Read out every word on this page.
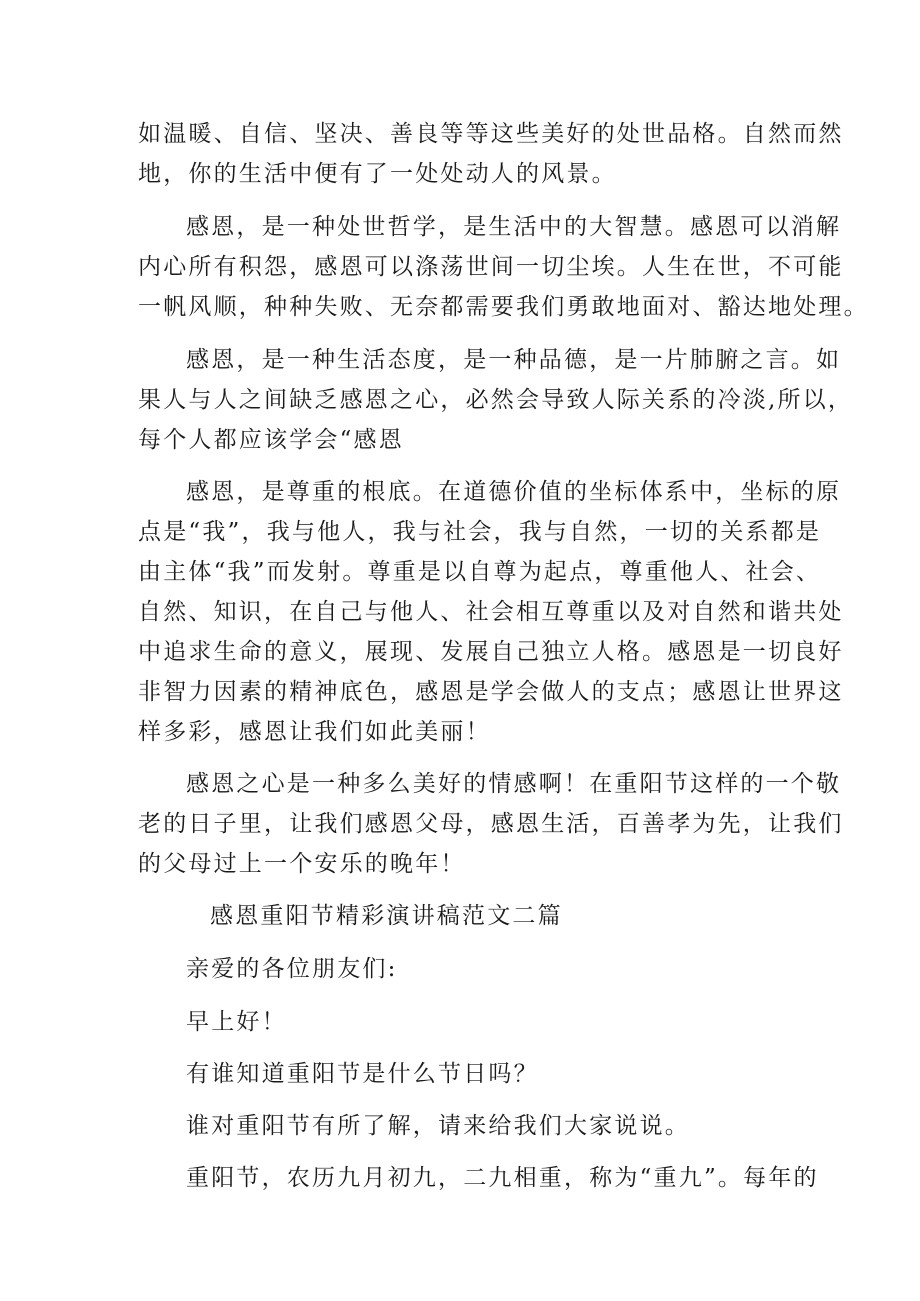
如温暖、自信、坚决、善良等等这些美好的处世品格。自然而然

地，你的生活中便有了一处处动人的风景。

感恩，是一种处世哲学，是生活中的大智慧。感恩可以消解

内心所有积怨，感恩可以涤荡世间一切尘埃。人生在世，不可能

一帆风顺，种种失败、无奈都需要我们勇敢地面对、豁达地处理。

感恩，是一种生活态度，是一种品德，是一片肺腑之言。如

果人与人之间缺乏感恩之心，必然会导致人际关系的冷淡,所以，

每个人都应该学会“感恩

感恩，是尊重的根底。在道德价值的坐标体系中，坐标的原

点是“我”，我与他人，我与社会，我与自然，一切的关系都是

由主体“我”而发射。尊重是以自尊为起点，尊重他人、社会、

自然、知识，在自己与他人、社会相互尊重以及对自然和谐共处

中追求生命的意义，展现、发展自己独立人格。感恩是一切良好

非智力因素的精神底色，感恩是学会做人的支点；感恩让世界这

样多彩，感恩让我们如此美丽！

感恩之心是一种多么美好的情感啊！在重阳节这样的一个敬

老的日子里，让我们感恩父母，感恩生活，百善孝为先，让我们

的父母过上一个安乐的晚年！

感恩重阳节精彩演讲稿范文二篇

亲爱的各位朋友们:

早上好！

有谁知道重阳节是什么节日吗？

谁对重阳节有所了解，请来给我们大家说说。

重阳节，农历九月初九，二九相重，称为“重九”。每年的
